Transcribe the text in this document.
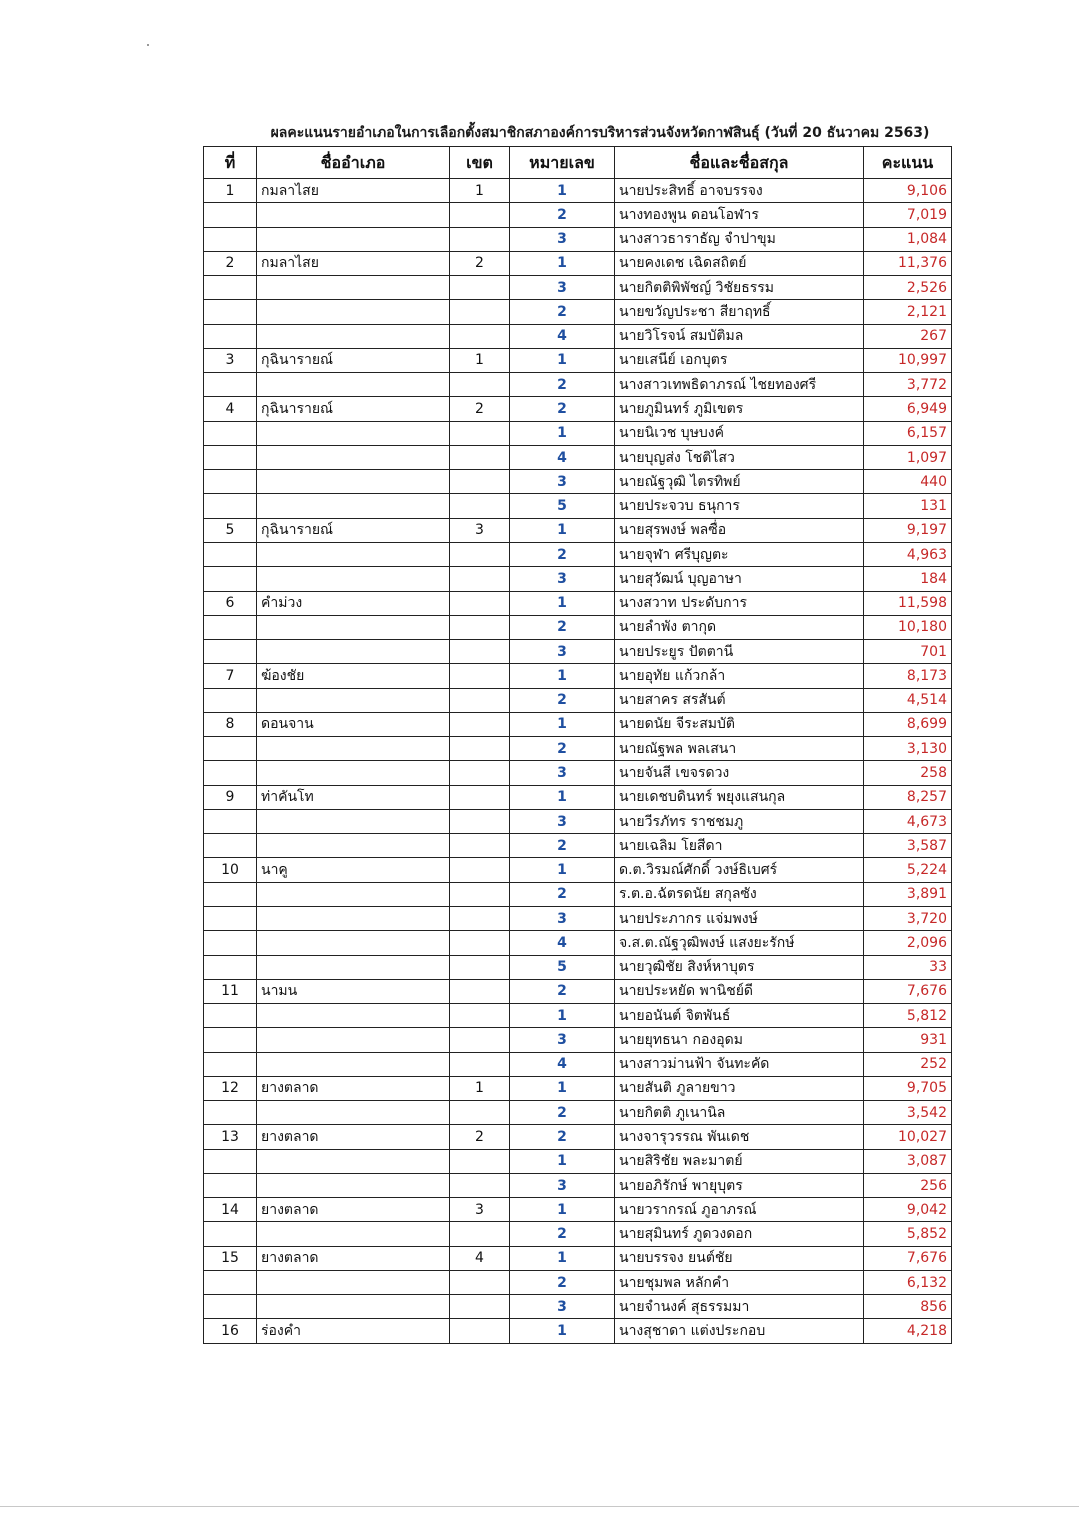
ผลคะแนนรายอำเภอในการเลือกตั้งสมาชิกสภาองค์การบริหารส่วนจังหวัดกาฬสินธุ์ (วันที่ 20 ธันวาคม 2563)
ที่	ชื่ออำเภอ	เขต	หมายเลข	ชื่อและชื่อสกุล	คะแนน
1	กมลาไสย	1	1	นายประสิทธิ์ อาจบรรจง	9,106
			2	นางทองพูน ดอนโอฬาร	7,019
			3	นางสาวธาราธัญ จำปาขุม	1,084
2	กมลาไสย	2	1	นายคงเดช เฉิดสถิตย์	11,376
			3	นายกิตติพิพัชญ์ วิชัยธรรม	2,526
			2	นายขวัญประชา สียาฤทธิ์	2,121
			4	นายวิโรจน์ สมบัติมล	267
3	กุฉินารายณ์	1	1	นายเสนีย์ เอกบุตร	10,997
			2	นางสาวเทพธิดาภรณ์ ไชยทองศรี	3,772
4	กุฉินารายณ์	2	2	นายภูมินทร์ ภูมิเขตร	6,949
			1	นายนิเวช บุษบงค์	6,157
			4	นายบุญส่ง โชติไสว	1,097
			3	นายณัฐวุฒิ ไตรทิพย์	440
			5	นายประจวบ ธนุการ	131
5	กุฉินารายณ์	3	1	นายสุรพงษ์ พลซื่อ	9,197
			2	นายจุฬา ศรีบุญตะ	4,963
			3	นายสุวัฒน์ บุญอาษา	184
6	คำม่วง		1	นางสวาท ประดับการ	11,598
			2	นายลำพัง ตากุด	10,180
			3	นายประยูร ปัตตานี	701
7	ฆ้องชัย		1	นายอุทัย แก้วกล้า	8,173
			2	นายสาคร สรสันต์	4,514
8	ดอนจาน		1	นายดนัย จีระสมบัติ	8,699
			2	นายณัฐพล พลเสนา	3,130
			3	นายจันสี เขจรดวง	258
9	ท่าคันโท		1	นายเดชบดินทร์ พยุงแสนกุล	8,257
			3	นายวีรภัทร ราชชมภู	4,673
			2	นายเฉลิม โยสีดา	3,587
10	นาคู		1	ด.ต.วิรมณ์ศักดิ์ วงษ์ธิเบศร์	5,224
			2	ร.ต.อ.ฉัตรดนัย สกุลซัง	3,891
			3	นายประภากร แจ่มพงษ์	3,720
			4	จ.ส.ต.ณัฐวุฒิพงษ์ แสงยะรักษ์	2,096
			5	นายวุฒิชัย สิงห์หาบุตร	33
11	นามน		2	นายประหยัด พานิชย์ดี	7,676
			1	นายอนันต์ จิตพันธ์	5,812
			3	นายยุทธนา กองอุดม	931
			4	นางสาวม่านฟ้า จันทะคัด	252
12	ยางตลาด	1	1	นายสันติ ภูลายขาว	9,705
			2	นายกิตติ ภูเนานิล	3,542
13	ยางตลาด	2	2	นางจารุวรรณ พันเดช	10,027
			1	นายสิริชัย พละมาตย์	3,087
			3	นายอภิรักษ์ พายุบุตร	256
14	ยางตลาด	3	1	นายวรากรณ์ ภูอาภรณ์	9,042
			2	นายสุมินทร์ ภูดวงดอก	5,852
15	ยางตลาด	4	1	นายบรรจง ยนต์ชัย	7,676
			2	นายชุมพล หลักคำ	6,132
			3	นายจำนงค์ สุธรรมมา	856
16	ร่องคำ		1	นางสุชาดา แต่งประกอบ	4,218
